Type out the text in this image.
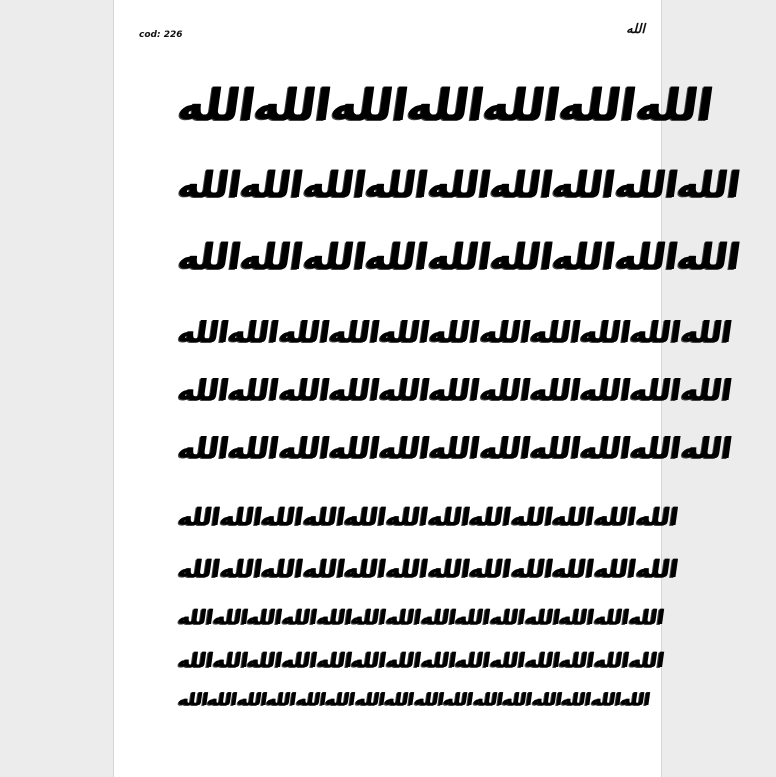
cod: 226	الله
الله
الله
الله
الله
الله
الله
الله
الله
الله
الله
الله
الله
الله
الله
الله
الله
الله
الله
الله
الله
الله
الله
الله
الله
الله
الله
الله
الله
الله
الله
الله
الله
الله
الله
الله
الله
الله
الله
الله
الله
الله
الله
الله
الله
الله
الله
الله
الله
الله
الله
الله
الله
الله
الله
الله
الله
الله
الله
الله
الله
الله
الله
الله
الله
الله
الله
الله
الله
الله
الله
الله
الله
الله
الله
الله
الله
الله
الله
الله
الله
الله
الله
الله
الله
الله
الله
الله
الله
الله
الله
الله
الله
الله
الله
الله
الله
الله
الله
الله
الله
الله
الله
الله
الله
الله
الله
الله
الله
الله
الله
الله
الله
الله
الله
الله
الله
الله
الله
الله
الله
الله
الله
الله
الله
الله
الله
